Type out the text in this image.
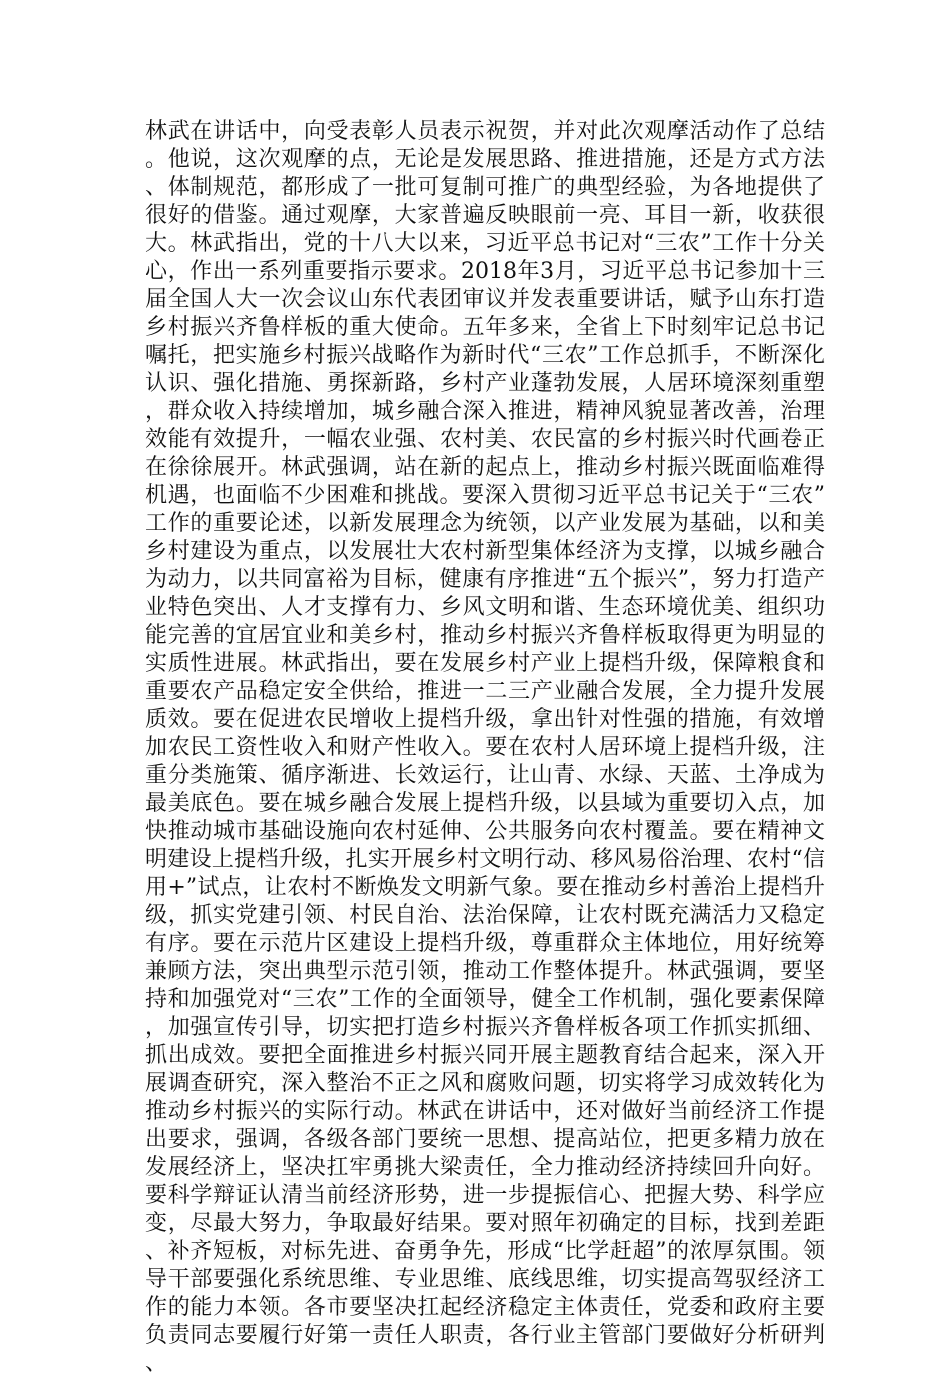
林武在讲话中，向受表彰人员表示祝贺，并对此次观摩活动作了总结。他说，这次观摩的点，无论是发展思路、推进措施，还是方式方法、体制规范，都形成了一批可复制可推广的典型经验，为各地提供了很好的借鉴。通过观摩，大家普遍反映眼前一亮、耳目一新，收获很大。林武指出，党的十八大以来，习近平总书记对“三农”工作十分关心，作出一系列重要指示要求。2018年3月，习近平总书记参加十三届全国人大一次会议山东代表团审议并发表重要讲话，赋予山东打造乡村振兴齐鲁样板的重大使命。五年多来，全省上下时刻牢记总书记嘱托，把实施乡村振兴战略作为新时代“三农”工作总抓手，不断深化认识、强化措施、勇探新路，乡村产业蓬勃发展，人居环境深刻重塑，群众收入持续增加，城乡融合深入推进，精神风貌显著改善，治理效能有效提升，一幅农业强、农村美、农民富的乡村振兴时代画卷正在徐徐展开。林武强调，站在新的起点上，推动乡村振兴既面临难得机遇，也面临不少困难和挑战。要深入贯彻习近平总书记关于“三农”工作的重要论述，以新发展理念为统领，以产业发展为基础，以和美乡村建设为重点，以发展壮大农村新型集体经济为支撑，以城乡融合为动力，以共同富裕为目标，健康有序推进“五个振兴”，努力打造产业特色突出、人才支撑有力、乡风文明和谐、生态环境优美、组织功能完善的宜居宜业和美乡村，推动乡村振兴齐鲁样板取得更为明显的实质性进展。林武指出，要在发展乡村产业上提档升级，保障粮食和重要农产品稳定安全供给，推进一二三产业融合发展，全力提升发展质效。要在促进农民增收上提档升级，拿出针对性强的措施，有效增加农民工资性收入和财产性收入。要在农村人居环境上提档升级，注重分类施策、循序渐进、长效运行，让山青、水绿、天蓝、土净成为最美底色。要在城乡融合发展上提档升级，以县域为重要切入点，加快推动城市基础设施向农村延伸、公共服务向农村覆盖。要在精神文明建设上提档升级，扎实开展乡村文明行动、移风易俗治理、农村“信用+”试点，让农村不断焕发文明新气象。要在推动乡村善治上提档升级，抓实党建引领、村民自治、法治保障，让农村既充满活力又稳定有序。要在示范片区建设上提档升级，尊重群众主体地位，用好统筹兼顾方法，突出典型示范引领，推动工作整体提升。林武强调，要坚持和加强党对“三农”工作的全面领导，健全工作机制，强化要素保障，加强宣传引导，切实把打造乡村振兴齐鲁样板各项工作抓实抓细、抓出成效。要把全面推进乡村振兴同开展主题教育结合起来，深入开展调查研究，深入整治不正之风和腐败问题，切实将学习成效转化为推动乡村振兴的实际行动。林武在讲话中，还对做好当前经济工作提出要求，强调，各级各部门要统一思想、提高站位，把更多精力放在发展经济上，坚决扛牢勇挑大梁责任，全力推动经济持续回升向好。要科学辩证认清当前经济形势，进一步提振信心、把握大势、科学应变，尽最大努力，争取最好结果。要对照年初确定的目标，找到差距、补齐短板，对标先进、奋勇争先，形成“比学赶超”的浓厚氛围。领导干部要强化系统思维、专业思维、底线思维，切实提高驾驭经济工作的能力本领。各市要坚决扛起经济稳定主体责任，党委和政府主要负责同志要履行好第一责任人职责，各行业主管部门要做好分析研判、
